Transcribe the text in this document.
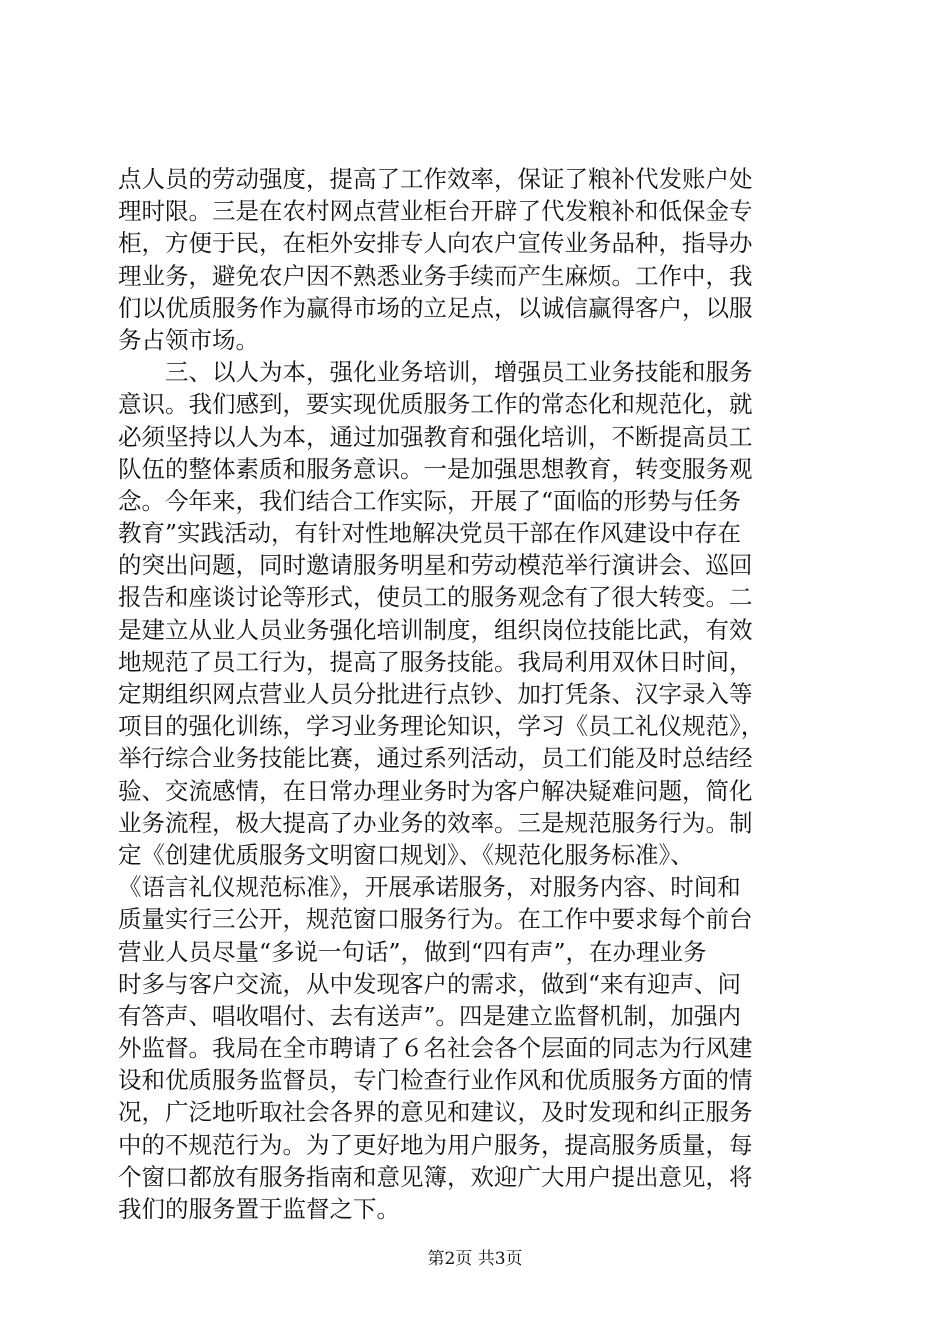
点人员的劳动强度，提高了工作效率，保证了粮补代发账户处
理时限。三是在农村网点营业柜台开辟了代发粮补和低保金专
柜，方便于民，在柜外安排专人向农户宣传业务品种，指导办
理业务，避免农户因不熟悉业务手续而产生麻烦。工作中，我
们以优质服务作为赢得市场的立足点，以诚信赢得客户，以服
务占领市场。
　　三、以人为本，强化业务培训，增强员工业务技能和服务
意识。我们感到，要实现优质服务工作的常态化和规范化，就
必须坚持以人为本，通过加强教育和强化培训，不断提高员工
队伍的整体素质和服务意识。一是加强思想教育，转变服务观
念。今年来，我们结合工作实际，开展了“面临的形势与任务
教育”实践活动，有针对性地解决党员干部在作风建设中存在
的突出问题，同时邀请服务明星和劳动模范举行演讲会、巡回
报告和座谈讨论等形式，使员工的服务观念有了很大转变。二
是建立从业人员业务强化培训制度，组织岗位技能比武，有效
地规范了员工行为，提高了服务技能。我局利用双休日时间，
定期组织网点营业人员分批进行点钞、加打凭条、汉字录入等
项目的强化训练，学习业务理论知识，学习《员工礼仪规范》，
举行综合业务技能比赛，通过系列活动，员工们能及时总结经
验、交流感情，在日常办理业务时为客户解决疑难问题，简化
业务流程，极大提高了办业务的效率。三是规范服务行为。制
定《创建优质服务文明窗口规划》、《规范化服务标准》、
《语言礼仪规范标准》，开展承诺服务，对服务内容、时间和
质量实行三公开，规范窗口服务行为。在工作中要求每个前台
营业人员尽量“多说一句话”，做到“四有声”，在办理业务
时多与客户交流，从中发现客户的需求，做到“来有迎声、问
有答声、唱收唱付、去有送声”。四是建立监督机制，加强内
外监督。我局在全市聘请了６名社会各个层面的同志为行风建
设和优质服务监督员，专门检查行业作风和优质服务方面的情
况，广泛地听取社会各界的意见和建议，及时发现和纠正服务
中的不规范行为。为了更好地为用户服务，提高服务质量，每
个窗口都放有服务指南和意见簿，欢迎广大用户提出意见，将
我们的服务置于监督之下。
第2页 共3页
